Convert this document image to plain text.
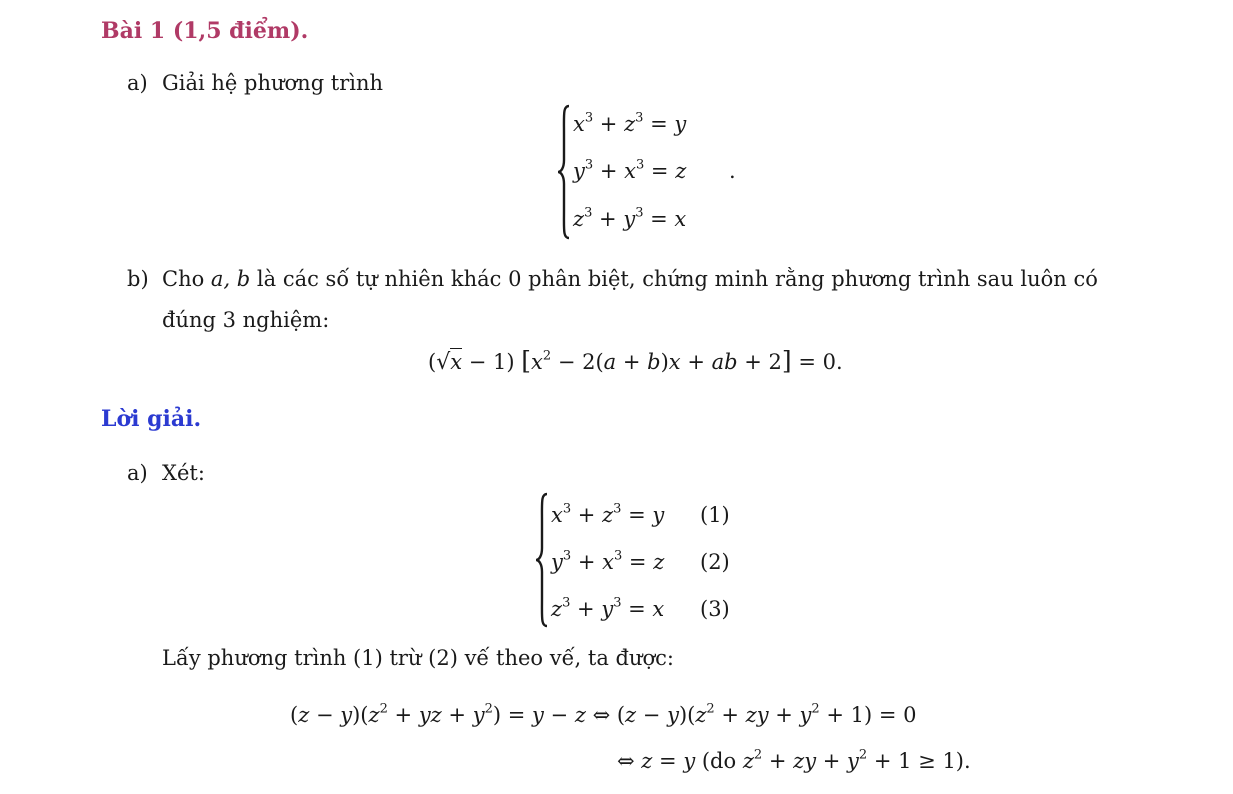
Bài 1 (1,5 điểm).
a) Giải hệ phương trình
$x^3 + z^3 = y$
$y^3 + x^3 = z$
$z^3 + y^3 = x$
.
b) Cho a, b là các số tự nhiên khác 0 phân biệt, chứng minh rằng phương trình sau luôn có
đúng 3 nghiệm:
(√x − 1) [$x^2 - 2(a + b)x$ + ab + 2] = 0.
Lời giải.
a) Xét:
$x^3 + z^3 = y$
$y^3 + x^3 = z$
$z^3 + y^3 = x$
(1)
(2)
(3)
Lấy phương trình (1) trừ (2) vế theo vế, ta được:
$(z - y)(z^2$ + yz + $y^2) = y - z$ ⇔ $(z - y)(z^2$ + zy + $y^2 + 1) = 0$
⇔ z = y (do $z^2$ + zy + $y^2 + 1 \ge 1$).
